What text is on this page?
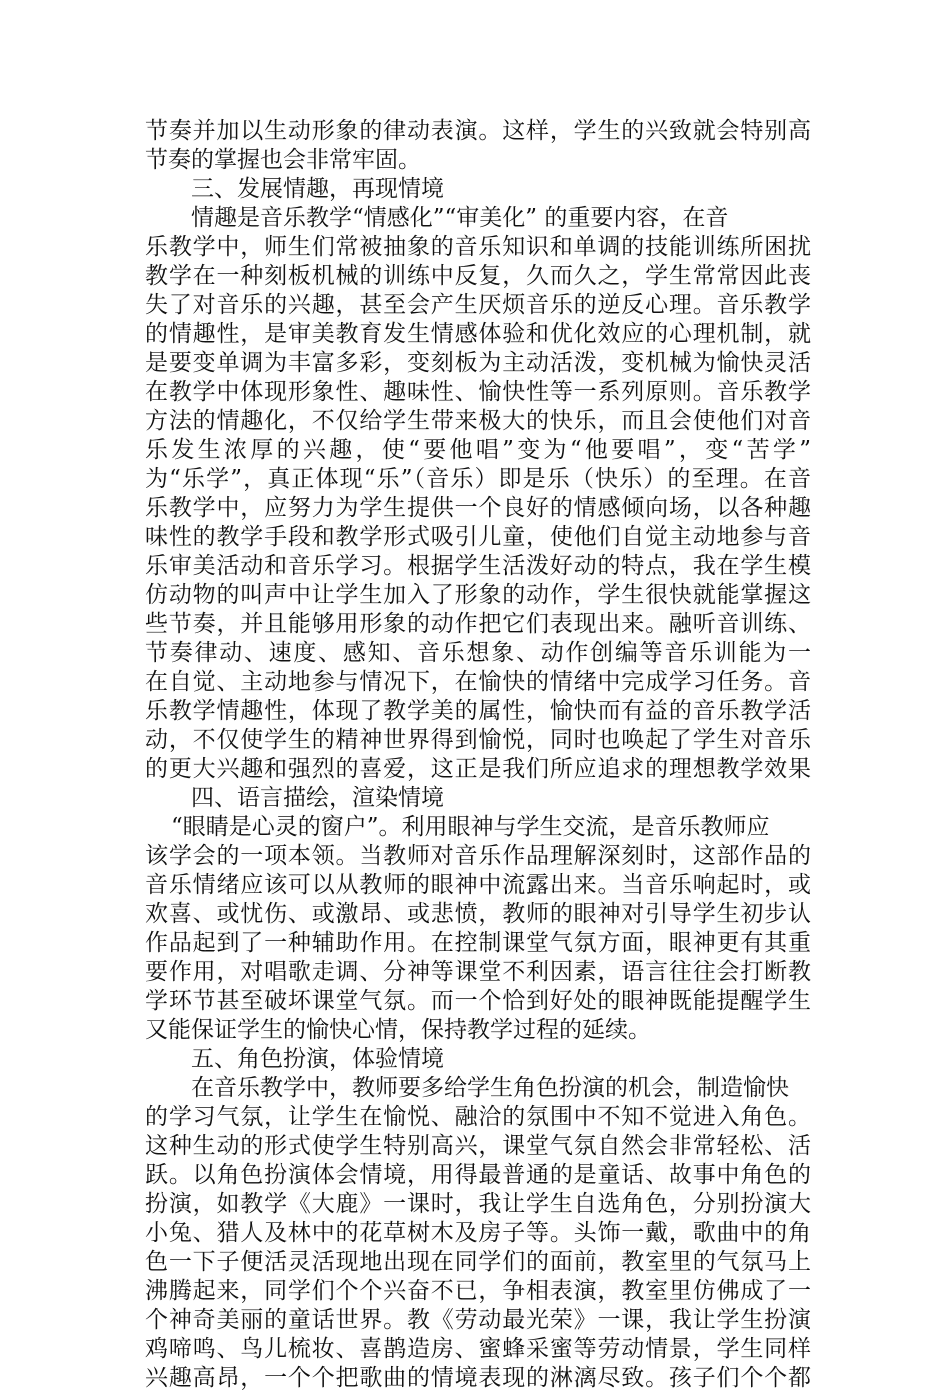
节奏并加以生动形象的律动表演。这样，学生的兴致就会特别高
节奏的掌握也会非常牢固。
三、发展情趣，再现情境
情趣是音乐教学“情感化”“审美化” 的重要内容，在音
乐教学中，师生们常被抽象的音乐知识和单调的技能训练所困扰
教学在一种刻板机械的训练中反复，久而久之，学生常常因此丧
失了对音乐的兴趣，甚至会产生厌烦音乐的逆反心理。音乐教学
的情趣性，是审美教育发生情感体验和优化效应的心理机制，就
是要变单调为丰富多彩，变刻板为主动活泼，变机械为愉快灵活
在教学中体现形象性、趣味性、愉快性等一系列原则。音乐教学
方法的情趣化，不仅给学生带来极大的快乐，而且会使他们对音
乐发生浓厚的兴趣，使“要他唱”变为“他要唱”，变“苦学”
为“乐学”，真正体现“乐”（音乐）即是乐（快乐）的至理。在音
乐教学中，应努力为学生提供一个良好的情感倾向场，以各种趣
味性的教学手段和教学形式吸引儿童，使他们自觉主动地参与音
乐审美活动和音乐学习。根据学生活泼好动的特点，我在学生模
仿动物的叫声中让学生加入了形象的动作，学生很快就能掌握这
些节奏，并且能够用形象的动作把它们表现出来。融听音训练、
节奏律动、速度、感知、音乐想象、动作创编等音乐训能为一
在自觉、主动地参与情况下，在愉快的情绪中完成学习任务。音
乐教学情趣性，体现了教学美的属性，愉快而有益的音乐教学活
动，不仅使学生的精神世界得到愉悦，同时也唤起了学生对音乐
的更大兴趣和强烈的喜爱，这正是我们所应追求的理想教学效果
四、语言描绘，渲染情境
“眼睛是心灵的窗户”。利用眼神与学生交流，是音乐教师应
该学会的一项本领。当教师对音乐作品理解深刻时，这部作品的
音乐情绪应该可以从教师的眼神中流露出来。当音乐响起时，或
欢喜、或忧伤、或激昂、或悲愤，教师的眼神对引导学生初步认
作品起到了一种辅助作用。在控制课堂气氛方面，眼神更有其重
要作用，对唱歌走调、分神等课堂不利因素，语言往往会打断教
学环节甚至破坏课堂气氛。而一个恰到好处的眼神既能提醒学生
又能保证学生的愉快心情，保持教学过程的延续。
五、角色扮演，体验情境
在音乐教学中，教师要多给学生角色扮演的机会，制造愉快
的学习气氛，让学生在愉悦、融洽的氛围中不知不觉进入角色。
这种生动的形式使学生特别高兴，课堂气氛自然会非常轻松、活
跃。以角色扮演体会情境，用得最普通的是童话、故事中角色的
扮演，如教学《大鹿》一课时，我让学生自选角色，分别扮演大
小兔、猎人及林中的花草树木及房子等。头饰一戴，歌曲中的角
色一下子便活灵活现地出现在同学们的面前，教室里的气氛马上
沸腾起来，同学们个个兴奋不已，争相表演，教室里仿佛成了一
个神奇美丽的童话世界。教《劳动最光荣》一课，我让学生扮演
鸡啼鸣、鸟儿梳妆、喜鹊造房、蜜蜂采蜜等劳动情景，学生同样
兴趣高昂，一个个把歌曲的情境表现的淋漓尽致。孩子们个个都
